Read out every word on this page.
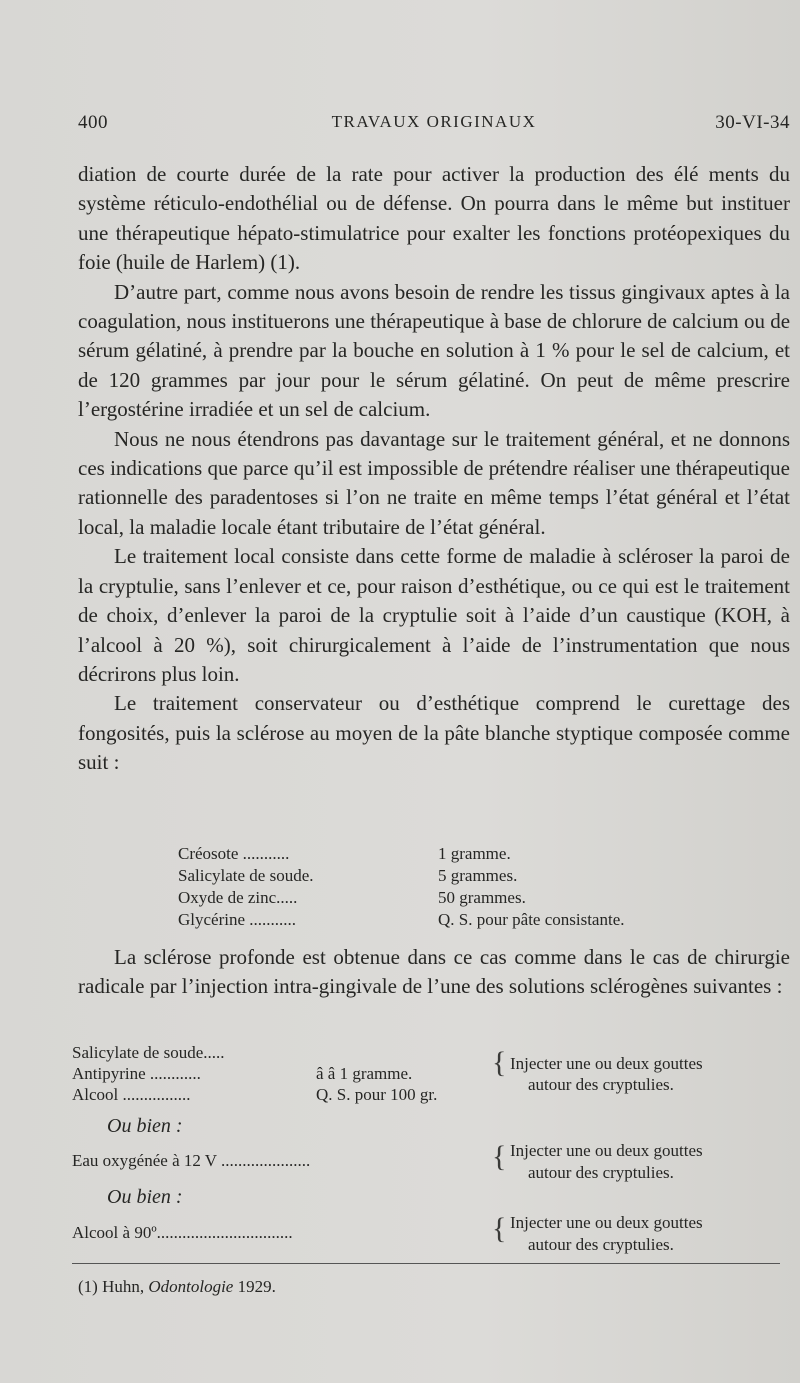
400	TRAVAUX ORIGINAUX	30-VI-34

diation de courte durée de la rate pour activer la production des élé ments du système réticulo-endothélial ou de défense. On pourra dans le même but instituer une thérapeutique hépato-stimulatrice pour exalter les fonctions protéopexiques du foie (huile de Harlem) (1).

D’autre part, comme nous avons besoin de rendre les tissus gingivaux aptes à la coagulation, nous instituerons une thérapeutique à base de chlorure de calcium ou de sérum gélatiné, à prendre par la bouche en solution à 1 % pour le sel de calcium, et de 120 grammes par jour pour le sérum gélatiné. On peut de même prescrire l’ergostérine irradiée et un sel de calcium.

Nous ne nous étendrons pas davantage sur le traitement général, et ne donnons ces indications que parce qu’il est impossible de prétendre réaliser une thérapeutique rationnelle des paradentoses si l’on ne traite en même temps l’état général et l’état local, la maladie locale étant tributaire de l’état général.

Le traitement local consiste dans cette forme de maladie à scléroser la paroi de la cryptulie, sans l’enlever et ce, pour raison d’esthétique, ou ce qui est le traitement de choix, d’enlever la paroi de la cryptulie soit à l’aide d’un caustique (KOH, à l’alcool à 20 %), soit chirurgicalement à l’aide de l’instrumentation que nous décrirons plus loin.

Le traitement conservateur ou d’esthétique comprend le curettage des fongosités, puis la sclérose au moyen de la pâte blanche styptique composée comme suit :

Créosote ...........	1 gramme.
Salicylate de soude.	5 grammes.
Oxyde de zinc.....	50 grammes.
Glycérine ...........	Q. S. pour pâte consistante.

La sclérose profonde est obtenue dans ce cas comme dans le cas de chirurgie radicale par l’injection intra-gingivale de l’une des solutions sclérogènes suivantes :

Salicylate de soude.....
Antipyrine ............	â â 1 gramme.
Alcool ................	Q. S. pour 100 gr.
{ Injecter une ou deux gouttes
autour des cryptulies.
Ou bien :
Eau oxygénée à 12 V .....................	{ Injecter une ou deux gouttes
autour des cryptulies.
Ou bien :
Alcool à 90º................................	{ Injecter une ou deux gouttes
autour des cryptulies.
(1) Huhn, Odontologie 1929.
